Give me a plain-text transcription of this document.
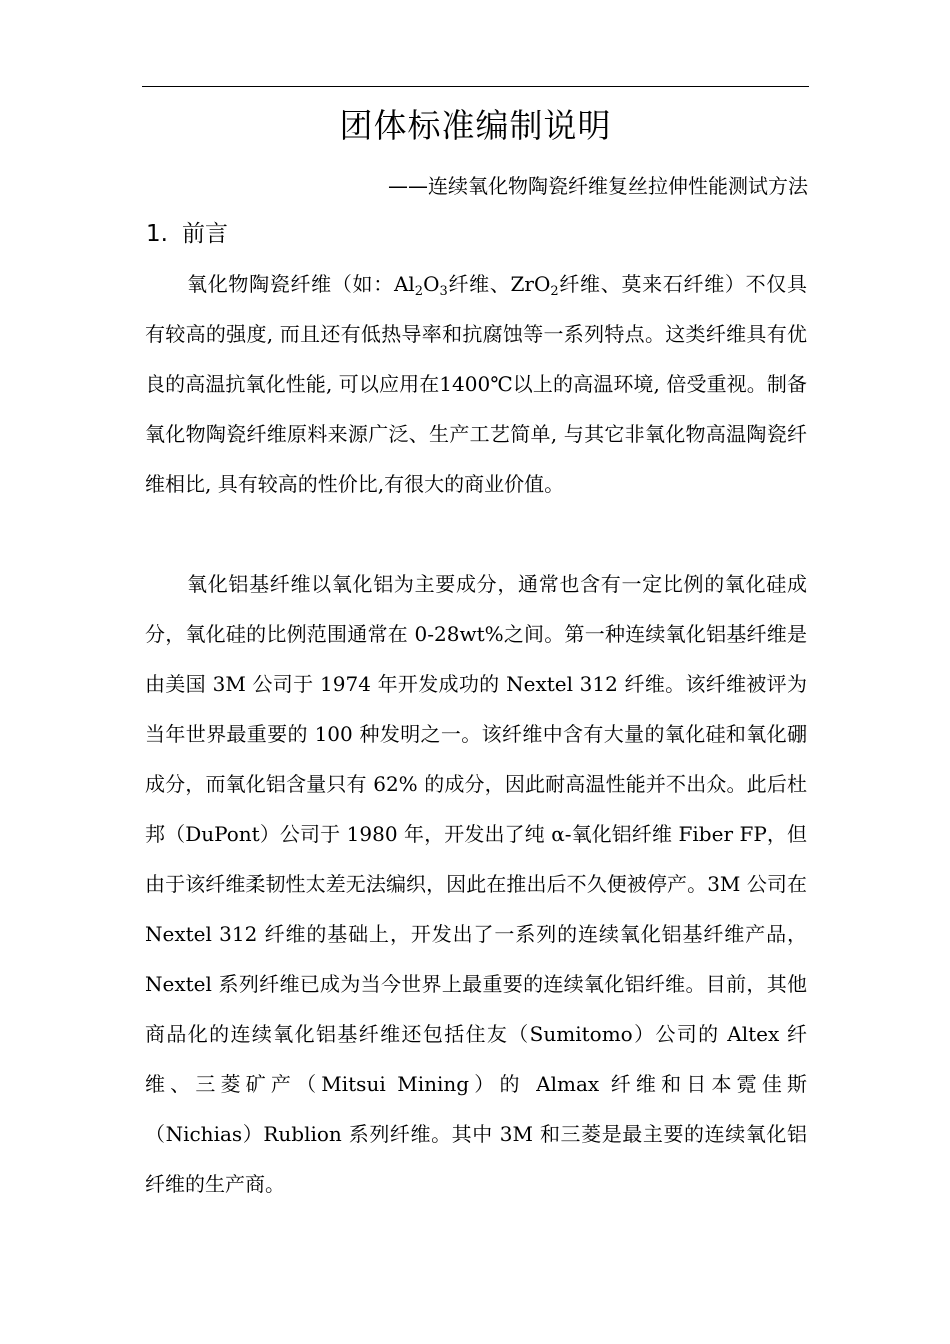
团体标准编制说明
——连续氧化物陶瓷纤维复丝拉伸性能测试方法
1. 前言

氧化物陶瓷纤维（如：$Al_2O_3$纤维、ZrO$_2$纤维、莫来石纤维）不仅具有较高的强度, 而且还有低热导率和抗腐蚀等一系列特点。这类纤维具有优良的高温抗氧化性能, 可以应用在1400℃以上的高温环境, 倍受重视。制备氧化物陶瓷纤维原料来源广泛、生产工艺简单, 与其它非氧化物高温陶瓷纤维相比, 具有较高的性价比,有很大的商业价值。

氧化铝基纤维以氧化铝为主要成分，通常也含有一定比例的氧化硅成分，氧化硅的比例范围通常在 0-28wt%之间。第一种连续氧化铝基纤维是由美国 3M 公司于 1974 年开发成功的 Nextel 312 纤维。该纤维被评为当年世界最重要的 100 种发明之一。该纤维中含有大量的氧化硅和氧化硼成分，而氧化铝含量只有 62% 的成分，因此耐高温性能并不出众。此后杜邦（DuPont）公司于 1980 年，开发出了纯 α-氧化铝纤维 Fiber FP，但由于该纤维柔韧性太差无法编织，因此在推出后不久便被停产。3M 公司在 Nextel 312 纤维的基础上，开发出了一系列的连续氧化铝基纤维产品，Nextel 系列纤维已成为当今世界上最重要的连续氧化铝纤维。目前，其他商品化的连续氧化铝基纤维还包括住友（Sumitomo）公司的 Altex 纤维、三菱矿产（Mitsui Mining）的 Almax 纤维和日本霓佳斯（Nichias）Rublion 系列纤维。其中 3M 和三菱是最主要的连续氧化铝纤维的生产商。
